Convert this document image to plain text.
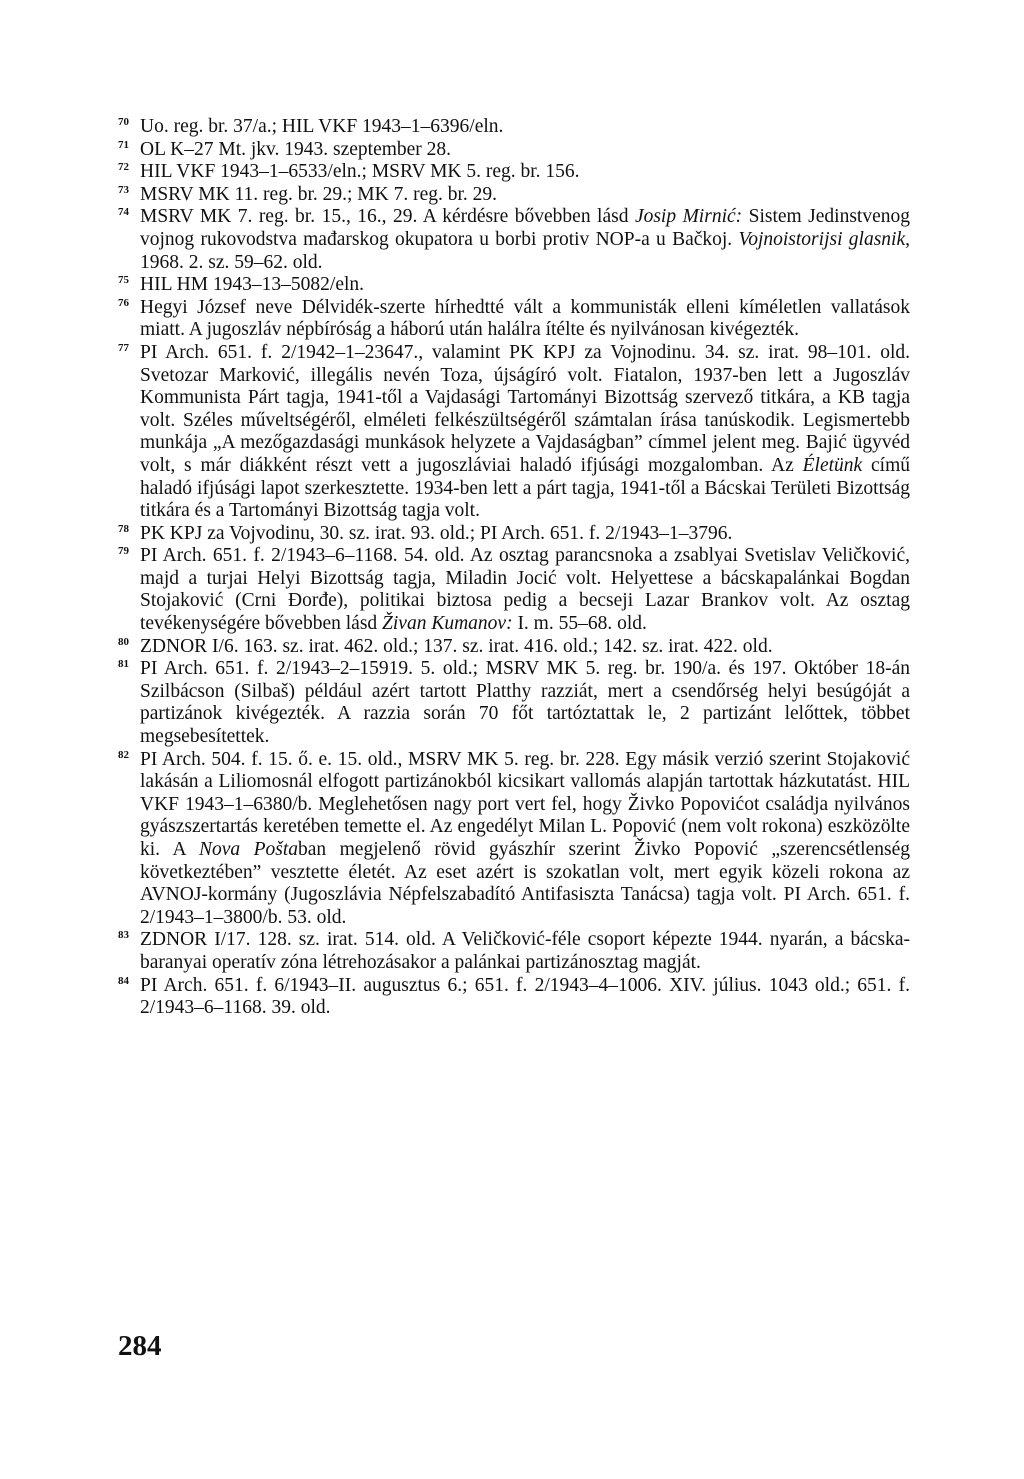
70 Uo. reg. br. 37/a.; HIL VKF 1943–1–6396/eln.
71 OL K–27 Mt. jkv. 1943. szeptember 28.
72 HIL VKF 1943–1–6533/eln.; MSRV MK 5. reg. br. 156.
73 MSRV MK 11. reg. br. 29.; MK 7. reg. br. 29.
74 MSRV MK 7. reg. br. 15., 16., 29. A kérdésre bővebben lásd Josip Mirnić: Sistem Jedinstvenog vojnog rukovodstva mađarskog okupatora u borbi protiv NOP-a u Bačkoj. Vojnoistorijsi glasnik, 1968. 2. sz. 59–62. old.
75 HIL HM 1943–13–5082/eln.
76 Hegyi József neve Délvidék-szerte hírhedtté vált a kommunisták elleni kíméletlen vallatások miatt. A jugoszláv népbíróság a háború után halálra ítélte és nyilvánosan kivégezték.
77 PI Arch. 651. f. 2/1942–1–23647., valamint PK KPJ za Vojnodinu. 34. sz. irat. 98–101. old. Svetozar Marković, illegális nevén Toza, újságíró volt. Fiatalon, 1937-ben lett a Jugoszláv Kommunista Párt tagja, 1941-től a Vajdasági Tartományi Bizottság szervező titkára, a KB tagja volt. Széles műveltségéről, elméleti felkészültségéről számtalan írása tanúskodik. Legismertebb munkája „A mezőgazdasági munkások helyzete a Vajdaságban” címmel jelent meg. Bajić ügyvéd volt, s már diákként részt vett a jugoszláviai haladó ifjúsági mozgalomban. Az Életünk című haladó ifjúsági lapot szerkesztette. 1934-ben lett a párt tagja, 1941-től a Bácskai Területi Bizottság titkára és a Tartományi Bizottság tagja volt.
78 PK KPJ za Vojvodinu, 30. sz. irat. 93. old.; PI Arch. 651. f. 2/1943–1–3796.
79 PI Arch. 651. f. 2/1943–6–1168. 54. old. Az osztag parancsnoka a zsablyai Svetislav Veličković, majd a turjai Helyi Bizottság tagja, Miladin Jocić volt. Helyettese a bácskapalánkai Bogdan Stojaković (Crni Đorđe), politikai biztosa pedig a becseji Lazar Brankov volt. Az osztag tevékenységére bővebben lásd Živan Kumanov: I. m. 55–68. old.
80 ZDNOR I/6. 163. sz. irat. 462. old.; 137. sz. irat. 416. old.; 142. sz. irat. 422. old.
81 PI Arch. 651. f. 2/1943–2–15919. 5. old.; MSRV MK 5. reg. br. 190/a. és 197. Október 18-án Szilbácson (Silbaš) például azért tartott Platthy razziát, mert a csendőrség helyi besúgóját a partizánok kivégezték. A razzia során 70 főt tartóztattak le, 2 partizánt lelőttek, többet megsebesítettek.
82 PI Arch. 504. f. 15. ő. e. 15. old., MSRV MK 5. reg. br. 228. Egy másik verzió szerint Stojaković lakásán a Liliomosnál elfogott partizánokból kicsikart vallomás alapján tartottak házkutatást. HIL VKF 1943–1–6380/b. Meglehetősen nagy port vert fel, hogy Živko Popovićot családja nyilvános gyászszertartás keretében temette el. Az engedélyt Milan L. Popović (nem volt rokona) eszközölte ki. A Nova Poštaban megjelenő rövid gyászhír szerint Živko Popović „szerencsétlenség következtében” vesztette életét. Az eset azért is szokatlan volt, mert egyik közeli rokona az AVNOJ-kormány (Jugoszlávia Népfelszabadító Antifasiszta Tanácsa) tagja volt. PI Arch. 651. f. 2/1943–1–3800/b. 53. old.
83 ZDNOR I/17. 128. sz. irat. 514. old. A Veličković-féle csoport képezte 1944. nyarán, a bácska-baranyai operatív zóna létrehozásakor a palánkai partizánosztag magját.
84 PI Arch. 651. f. 6/1943–II. augusztus 6.; 651. f. 2/1943–4–1006. XIV. július. 1043 old.; 651. f. 2/1943–6–1168. 39. old.

284
